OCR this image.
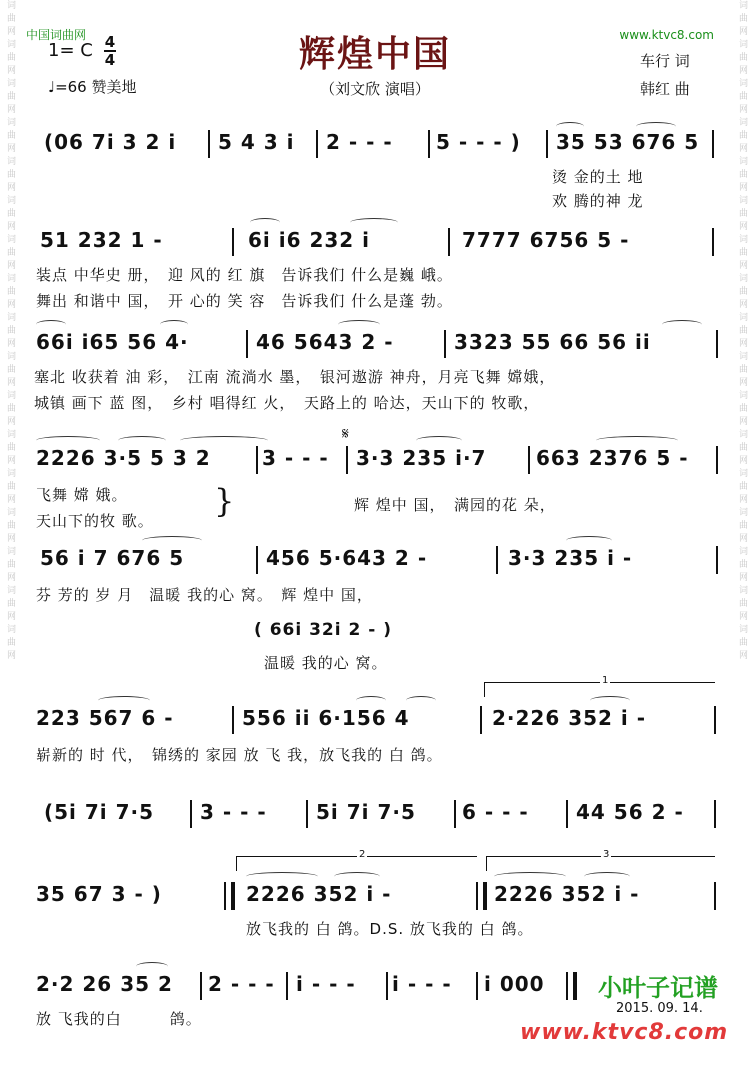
词曲网词曲网词曲网词曲网词曲网词曲网词曲网词曲网词曲网词曲网词曲网词曲网词曲网词曲网词曲网词曲网词曲网	词曲网词曲网词曲网词曲网词曲网词曲网词曲网词曲网词曲网词曲网词曲网词曲网词曲网词曲网词曲网词曲网词曲网
中国词曲网	www.ktvc8.com
1= C 4
4
♩=66 赞美地
辉煌中国
（刘文欣 演唱）
车行 词
韩红 曲
(06 7i 3 2 i 5 4 3 i 2 - - - 5 - - - ) 35 53 676 5
烫 金的土 地
欢 腾的神 龙
51 232 1 -	6i i6 232 i	7777 6756 5 -
装点 中华史 册，　迎 风的 红 旗　告诉我们 什么是巍 峨。
舞出 和谐中 国，　开 心的 笑 容　告诉我们 什么是蓬 勃。
66i i65 56 4·	46 5643 2 -	3323 55 66 56 ii
塞北 收获着 油 彩，　江南 流淌水 墨，　银河遨游 神舟，月亮飞舞 嫦娥，
城镇 画下 蓝 图，　乡村 唱得红 火，　天路上的 哈达，天山下的 牧歌，
𝄋
2226 3·5 5 3 2	3 - - - 3·3 235 i·7 663 2376 5 -
飞舞 嫦 娥。
天山下的牧 歌。
}	辉 煌中 国，　满园的花 朵，
56 i 7 676 5	456 5·643 2 -	3·3 235 i -
芬 芳的 岁 月　温暖 我的心 窝。　辉 煌中 国，
( 66i 32i 2 - )
温暖 我的心 窝。
1
223 567 6 -	556 ii 6·156 4	2·226 352 i -
崭新的 时 代，　锦绣的 家园 放 飞 我，放飞我的 白 鸽。
(5i 7i 7·5 3 - - - 5i 7i 7·5 6 - - - 44 56 2 -
2	3
35 67 3 - )	2226 352 i -	2226 352 i -
放飞我的 白 鸽。D.S. 放飞我的 白 鸽。
2·2 26 35 2 2 - - - i - - - i - - - i 000
放 飞我的白　　　鸽。
小叶子记谱
2015. 09. 14.
www.ktvc8.com
